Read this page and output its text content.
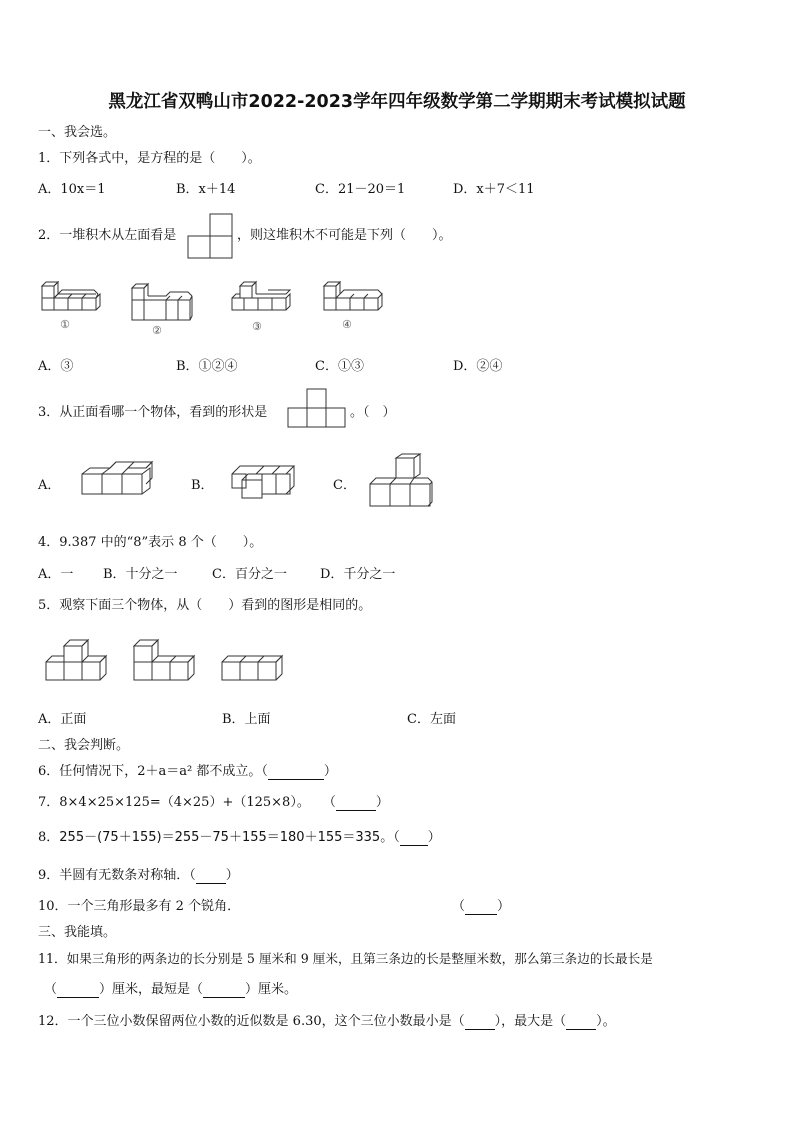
黑龙江省双鸭山市2022-2023学年四年级数学第二学期期末考试模拟试题
一、我会选。
1．下列各式中，是方程的是（　　）。
A．10x＝1	B．x＋14	C．21－20＝1	D．x＋7＜11
2．一堆积木从左面看是	，则这堆积木不可能是下列（　　）。
①	②	③	④
A．③	B．①②④	C．①③	D．②④
3．从正面看哪一个物体，看到的形状是	。（　）
A．	B．	C．
4．9.387 中的“8”表示 8 个（　　）。
A．一 B．十分之一	C．百分之一	D．千分之一
5．观察下面三个物体，从（　　）看到的图形是相同的。
A．正面	B．上面	C．左面
二、我会判断。
6．任何情况下，2＋a＝a² 都不成立。（	）
7．8×4×25×125=（4×25）+（125×8）。　　（	）
8．255－(75＋155)＝255－75＋155＝180＋155＝335。（ ）
9．半圆有无数条对称轴．（ ）
10．一个三角形最多有 2 个锐角．	（ ）
三、我能填。
11．如果三角形的两条边的长分别是 5 厘米和 9 厘米，且第三条边的长是整厘米数，那么第三条边的长最长是
（	）厘米，最短是（	）厘米。
12．一个三位小数保留两位小数的近似数是 6.30，这个三位小数最小是（ ），最大是（ ）。
